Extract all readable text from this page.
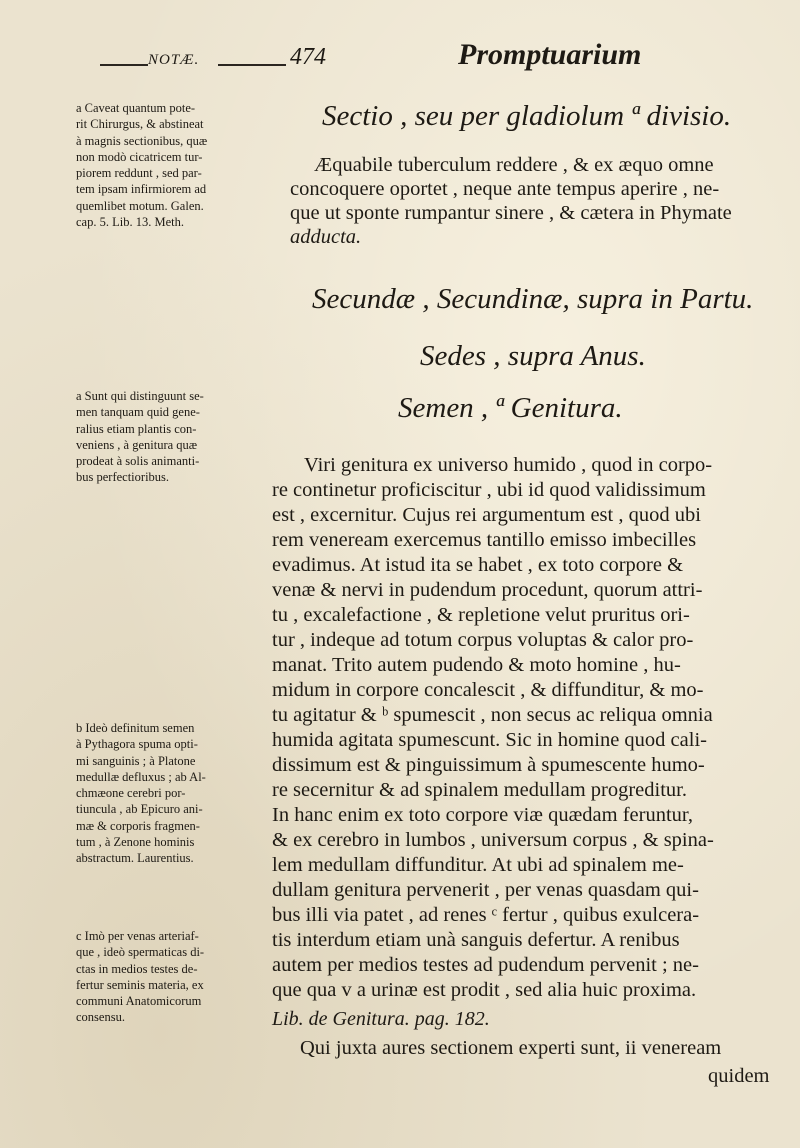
NOTÆ.	474	Promptuarium
a Caveat quantum pote-
rit Chirurgus, & abstineat
à magnis sectionibus, quæ
non modò cicatricem tur-
piorem reddunt , sed par-
tem ipsam infirmiorem ad
quemlibet motum. Galen.
cap. 5. Lib. 13. Meth.
Sectio , seu per gladiolum ª divisio.
Æquabile tuberculum reddere , & ex æquo omne
concoquere oportet , neque ante tempus aperire , ne-
que ut sponte rumpantur sinere , & cætera in Phymate
adducta.
Secundæ , Secundinæ, supra in Partu.
Sedes , supra Anus.
Semen , ª Genitura.
a Sunt qui distinguunt se-
men tanquam quid gene-
ralius etiam plantis con-
veniens , à genitura quæ
prodeat à solis animanti-
bus perfectioribus.
Viri genitura ex universo humido , quod in corpo-
re continetur proficiscitur , ubi id quod validissimum
est , excernitur. Cujus rei argumentum est , quod ubi
rem veneream exercemus tantillo emisso imbecilles
evadimus. At istud ita se habet , ex toto corpore &
venæ & nervi in pudendum procedunt, quorum attri-
tu , excalefactione , & repletione velut pruritus ori-
tur , indeque ad totum corpus voluptas & calor pro-
manat. Trito autem pudendo & moto homine , hu-
midum in corpore concalescit , & diffunditur, & mo-
tu agitatur & ᵇ spumescit , non secus ac reliqua omnia
humida agitata spumescunt. Sic in homine quod cali-
dissimum est & pinguissimum à spumescente humo-
re secernitur & ad spinalem medullam progreditur.
In hanc enim ex toto corpore viæ quædam feruntur,
& ex cerebro in lumbos , universum corpus , & spina-
lem medullam diffunditur. At ubi ad spinalem me-
dullam genitura pervenerit , per venas quasdam qui-
bus illi via patet , ad renes ᶜ fertur , quibus exulcera-
tis interdum etiam unà sanguis defertur. A renibus
autem per medios testes ad pudendum pervenit ; ne-
que qua v a urinæ est prodit , sed alia huic proxima.
Lib. de Genitura. pag. 182.
Qui juxta aures sectionem experti sunt, ii veneream
quidem
b Ideò definitum semen
à Pythagora spuma opti-
mi sanguinis ; à Platone
medullæ defluxus ; ab Al-
chmæone cerebri por-
tiuncula , ab Epicuro ani-
mæ & corporis fragmen-
tum , à Zenone hominis
abstractum. Laurentius.
c Imò per venas arteriaf-
que , ideò spermaticas di-
ctas in medios testes de-
fertur seminis materia, ex
communi Anatomicorum
consensu.
